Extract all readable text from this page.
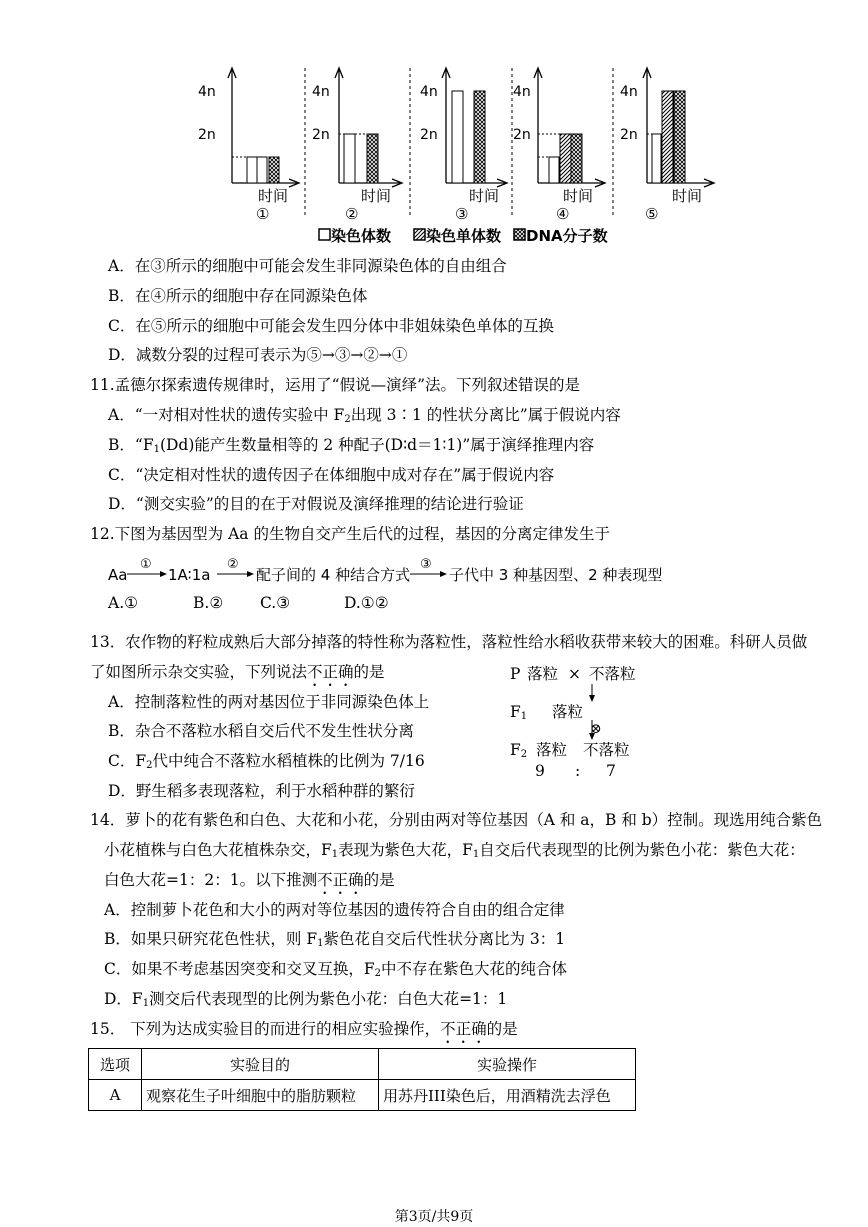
4n
2n
时间
①
4n
2n
时间
②
4n
2n
时间
③
4n
2n
时间
④
4n
2n
时间
⑤
染色体数 染色单体数 DNA分子数
A．在③所示的细胞中可能会发生非同源染色体的自由组合
B．在④所示的细胞中存在同源染色体
C．在⑤所示的细胞中可能会发生四分体中非姐妹染色单体的互换
D．减数分裂的过程可表示为⑤→③→②→①
11.孟德尔探索遗传规律时，运用了“假说—演绎”法。下列叙述错误的是
A．“一对相对性状的遗传实验中 $F_2$出现 3∶1 的性状分离比”属于假说内容
B．“$F_1(Dd)$能产生数量相等的 2 种配子(D∶d＝1∶1)”属于演绎推理内容
C．“决定相对性状的遗传因子在体细胞中成对存在”属于假说内容
D．“测交实验”的目的在于对假说及演绎推理的结论进行验证
12.下图为基因型为 Aa 的生物自交产生后代的过程，基因的分离定律发生于
Aa
①
1A∶1a
②
配子间的 4 种结合方式
③
子代中 3 种基因型、2 种表现型
A.①	B.② C.③	D.①②
13．农作物的籽粒成熟后大部分掉落的特性称为落粒性，落粒性给水稻收获带来较大的困难。科研人员做
了如图所示杂交实验，下列说法不正确的是
A．控制落粒性的两对基因位于非同源染色体上
B．杂合不落粒水稻自交后代不发生性状分离
C．$F_2$代中纯合不落粒水稻植株的比例为 7/16
D．野生稻多表现落粒，利于水稻种群的繁衍
P 落粒 × 不落粒
$F_1$ 落粒
⊗
$F_2$ 落粒 不落粒
9 : 7
14．萝卜的花有紫色和白色、大花和小花，分别由两对等位基因（A 和 a，B 和 b）控制。现选用纯合紫色
小花植株与白色大花植株杂交，$F_1$表现为紫色大花，$F_1$自交后代表现型的比例为紫色小花：紫色大花：
白色大花=1：2：1。以下推测不正确的是
A．控制萝卜花色和大小的两对等位基因的遗传符合自由的组合定律
B．如果只研究花色性状，则 $F_1$紫色花自交后代性状分离比为 3：1
C．如果不考虑基因突变和交叉互换，$F_2$中不存在紫色大花的纯合体
D．$F_1$测交后代表现型的比例为紫色小花：白色大花=1：1
15． 下列为达成实验目的而进行的相应实验操作，不正确的是
选项	实验目的	实验操作
A	观察花生子叶细胞中的脂肪颗粒	用苏丹III染色后，用酒精洗去浮色
第3页/共9页
